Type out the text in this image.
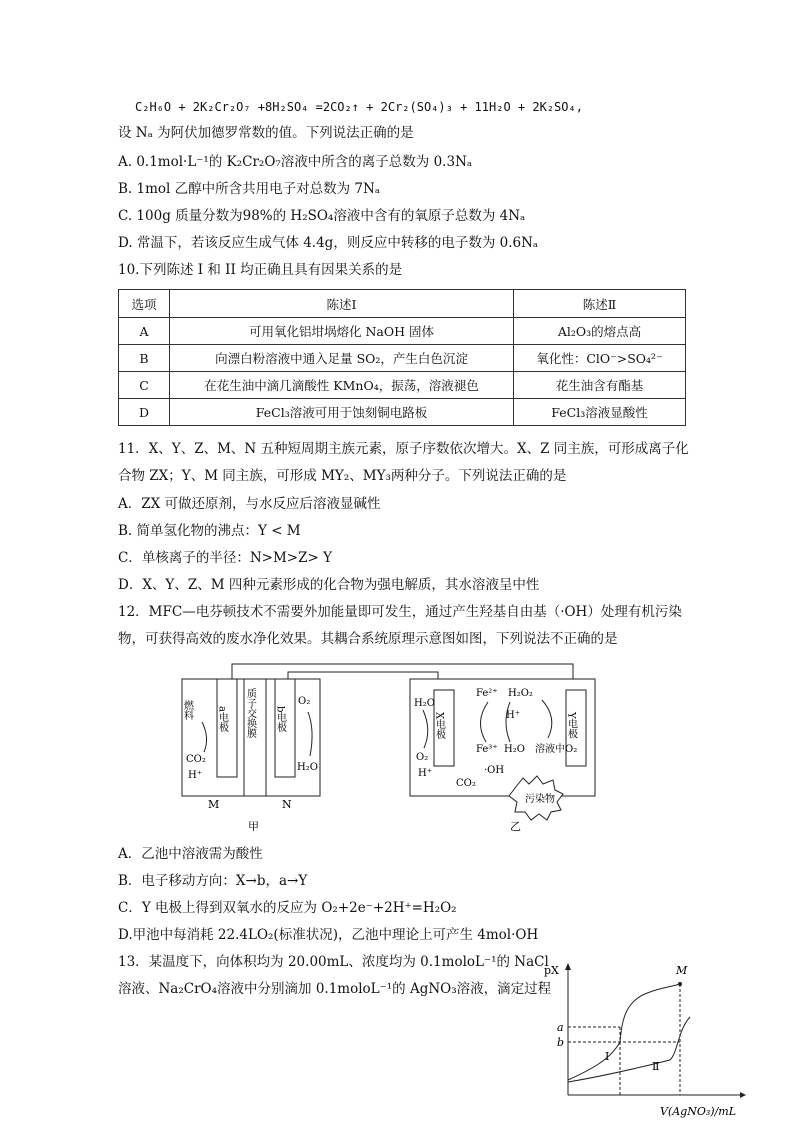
C₂H₆O + 2K₂Cr₂O₇ +8H₂SO₄ =2CO₂↑ + 2Cr₂(SO₄)₃ + 11H₂O + 2K₂SO₄,
设 Nₐ 为阿伏加德罗常数的值。下列说法正确的是
A. 0.1mol·L⁻¹的 K₂Cr₂O₇溶液中所含的离子总数为 0.3Nₐ
B. 1mol 乙醇中所含共用电子对总数为 7Nₐ
C. 100g 质量分数为98%的 H₂SO₄溶液中含有的氧原子总数为 4Nₐ
D. 常温下，若该反应生成气体 4.4g，则反应中转移的电子数为 0.6Nₐ
10.下列陈述 I 和 II 均正确且具有因果关系的是
选项	陈述Ⅰ	陈述Ⅱ
A	可用氧化铝坩埚熔化 NaOH 固体	Al₂O₃的熔点高
B	向漂白粉溶液中通入足量 SO₂，产生白色沉淀	氧化性：ClO⁻>SO₄²⁻
C	在花生油中滴几滴酸性 KMnO₄，振荡，溶液褪色	花生油含有酯基
D	FeCl₃溶液可用于蚀刻铜电路板	FeCl₃溶液显酸性
11．X、Y、Z、M、N 五种短周期主族元素，原子序数依次增大。X、Z 同主族，可形成离子化
合物 ZX；Y、M 同主族，可形成 MY₂、MY₃两种分子。下列说法正确的是
A．ZX 可做还原剂，与水反应后溶液显碱性
B. 简单氢化物的沸点：Y < M
C．单核离子的半径：N>M>Z> Y
D．X、Y、Z、M 四种元素形成的化合物为强电解质，其水溶液呈中性
12．MFC—电芬顿技术不需要外加能量即可发生，通过产生羟基自由基（·OH）处理有机污染
物，可获得高效的废水净化效果。其耦合系统原理示意图如图，下列说法不正确的是
燃料 a电极 质子交换膜 b电极
O₂
H₂O
CO₂
H⁺
M	N
甲
X电极	Y电极
H₂O
O₂
H⁺
Fe²⁺ H₂O₂
H⁺
Fe³⁺ H₂O
·OH
溶液中O₂
CO₂
污染物
乙
A．乙池中溶液需为酸性
B．电子移动方向：X→b，a→Y
C．Y 电极上得到双氧水的反应为 O₂+2e⁻+2H⁺=H₂O₂
D.甲池中每消耗 22.4LO₂(标准状况)，乙池中理论上可产生 4mol·OH
13．某温度下，向体积均为 20.00mL、浓度均为 0.1moloL⁻¹的 NaCl
溶液、Na₂CrO₄溶液中分别滴加 0.1moloL⁻¹的 AgNO₃溶液，滴定过程
pX
V(AgNO₃)/mL
M
a
b
Ⅰ
Ⅱ
